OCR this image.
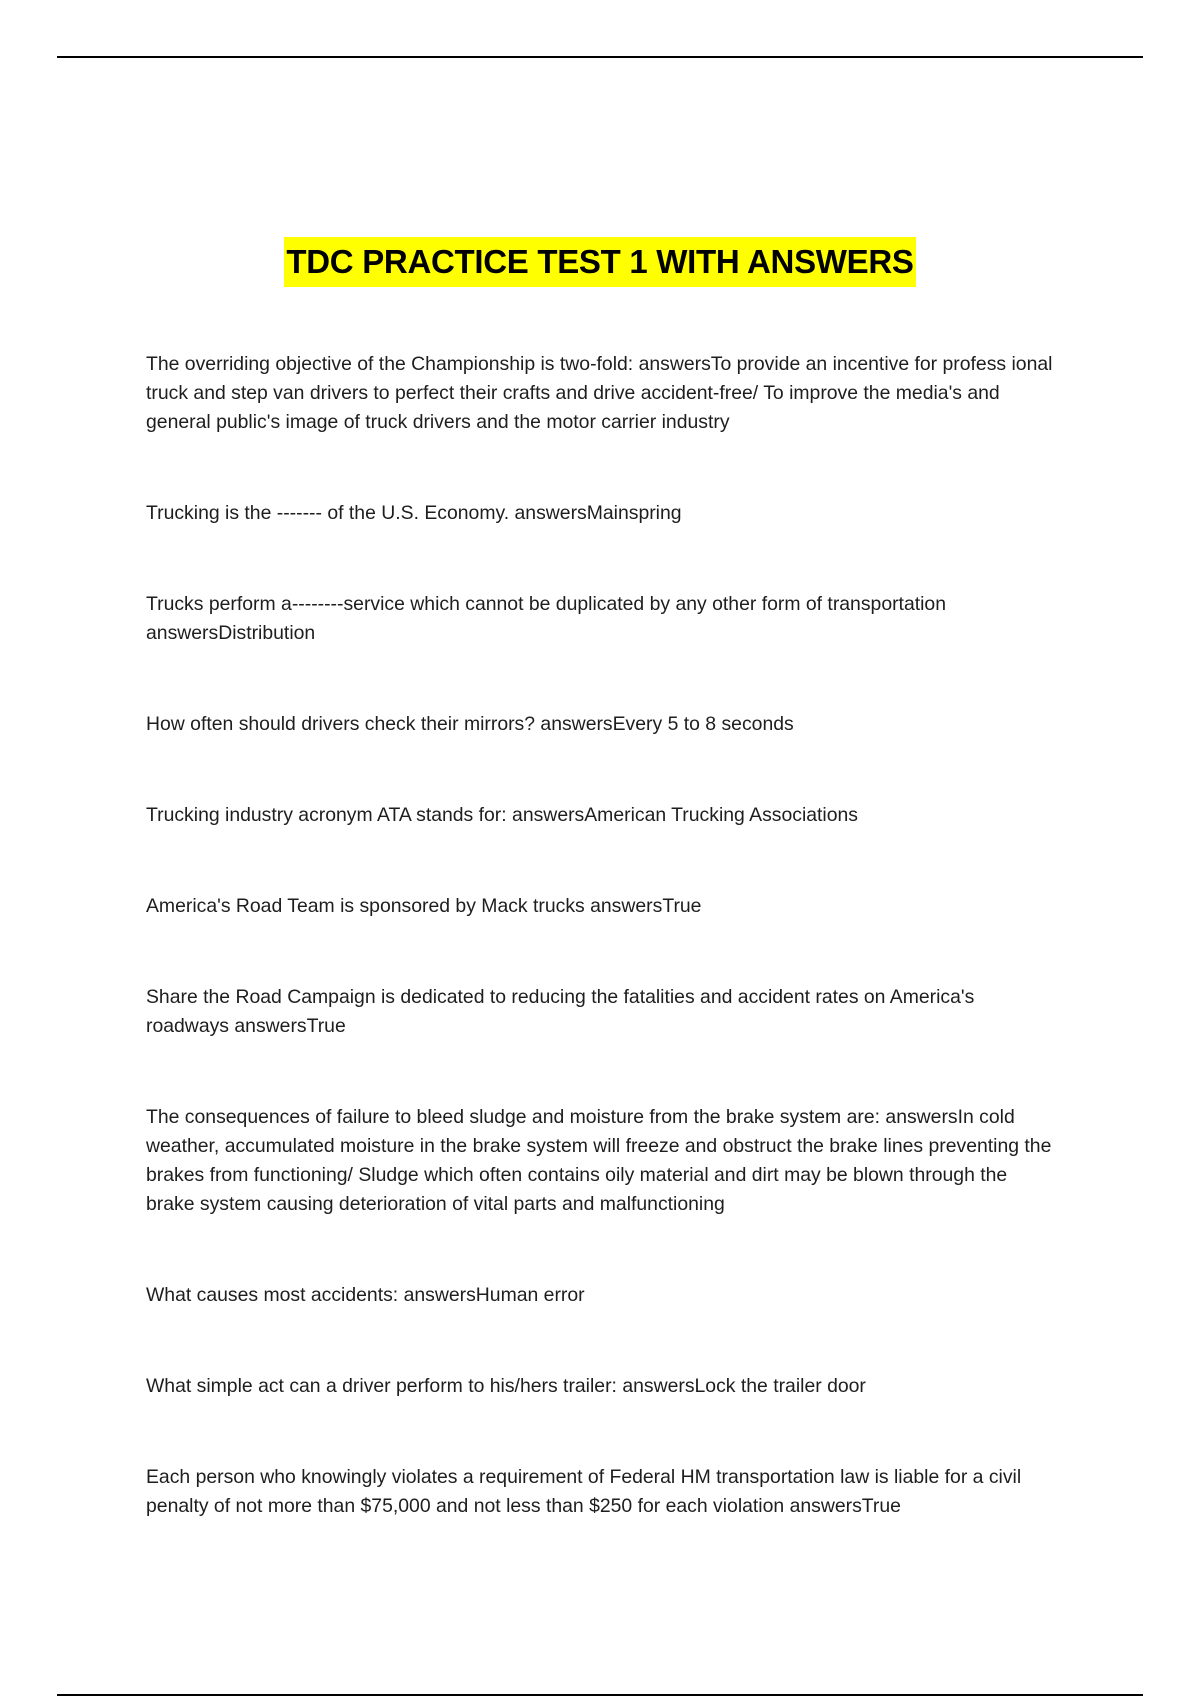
TDC PRACTICE TEST 1 WITH ANSWERS
The overriding objective of the Championship is two-fold: answersTo provide an incentive for profess ional truck and step van drivers to perfect their crafts and drive accident-free/ To improve the media's and general public's image of truck drivers and the motor carrier industry
Trucking is the ------- of the U.S. Economy. answersMainspring
Trucks perform a--------service which cannot be duplicated by any other form of transportation answersDistribution
How often should drivers check their mirrors? answersEvery 5 to 8 seconds
Trucking industry acronym ATA stands for: answersAmerican Trucking Associations
America's Road Team is sponsored by Mack trucks answersTrue
Share the Road Campaign is dedicated to reducing the fatalities and accident rates on America's roadways answersTrue
The consequences of failure to bleed sludge and moisture from the brake system are: answersIn cold weather, accumulated moisture in the brake system will freeze and obstruct the brake lines preventing the brakes from functioning/ Sludge which often contains oily material and dirt may be blown through the brake system causing deterioration of vital parts and malfunctioning
What causes most accidents: answersHuman error
What simple act can a driver perform to his/hers trailer: answersLock the trailer door
Each person who knowingly violates a requirement of Federal HM transportation law is liable for a civil penalty of not more than $75,000 and not less than $250 for each violation answersTrue
